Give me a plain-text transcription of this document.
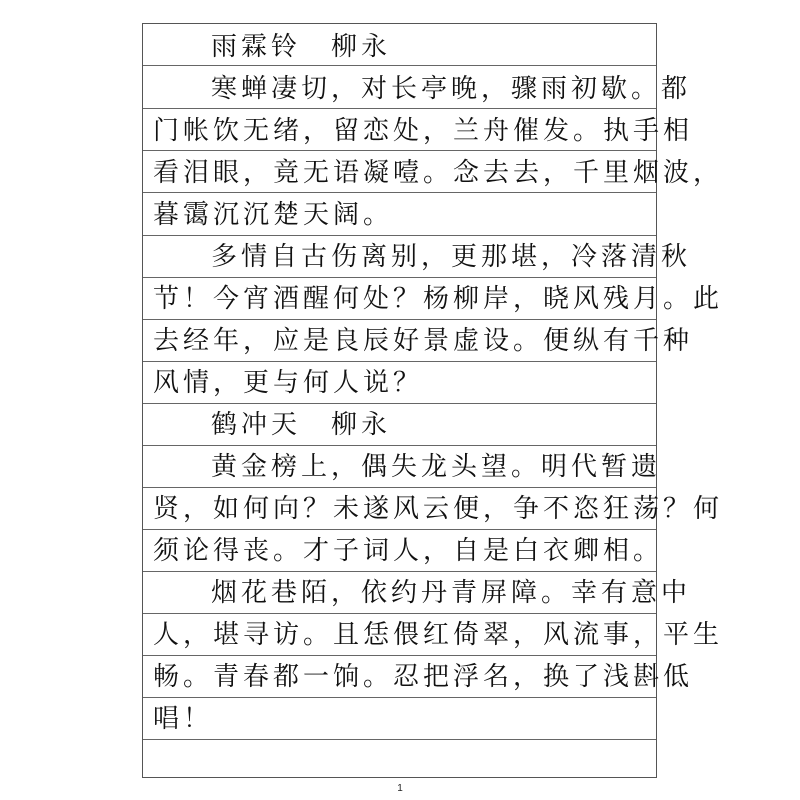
雨霖铃　柳永
寒蝉凄切，对长亭晚，骤雨初歇。都
门帐饮无绪，留恋处，兰舟催发。执手相
看泪眼，竟无语凝噎。念去去，千里烟波，
暮霭沉沉楚天阔。
多情自古伤离别，更那堪，冷落清秋
节！今宵酒醒何处？杨柳岸，晓风残月。此
去经年，应是良辰好景虚设。便纵有千种
风情，更与何人说？
鹤冲天　柳永
黄金榜上，偶失龙头望。明代暂遗
贤，如何向？未遂风云便，争不恣狂荡？何
须论得丧。才子词人，自是白衣卿相。
烟花巷陌，依约丹青屏障。幸有意中
人，堪寻访。且恁偎红倚翠，风流事，平生
畅。青春都一饷。忍把浮名，换了浅斟低
唱！
1
